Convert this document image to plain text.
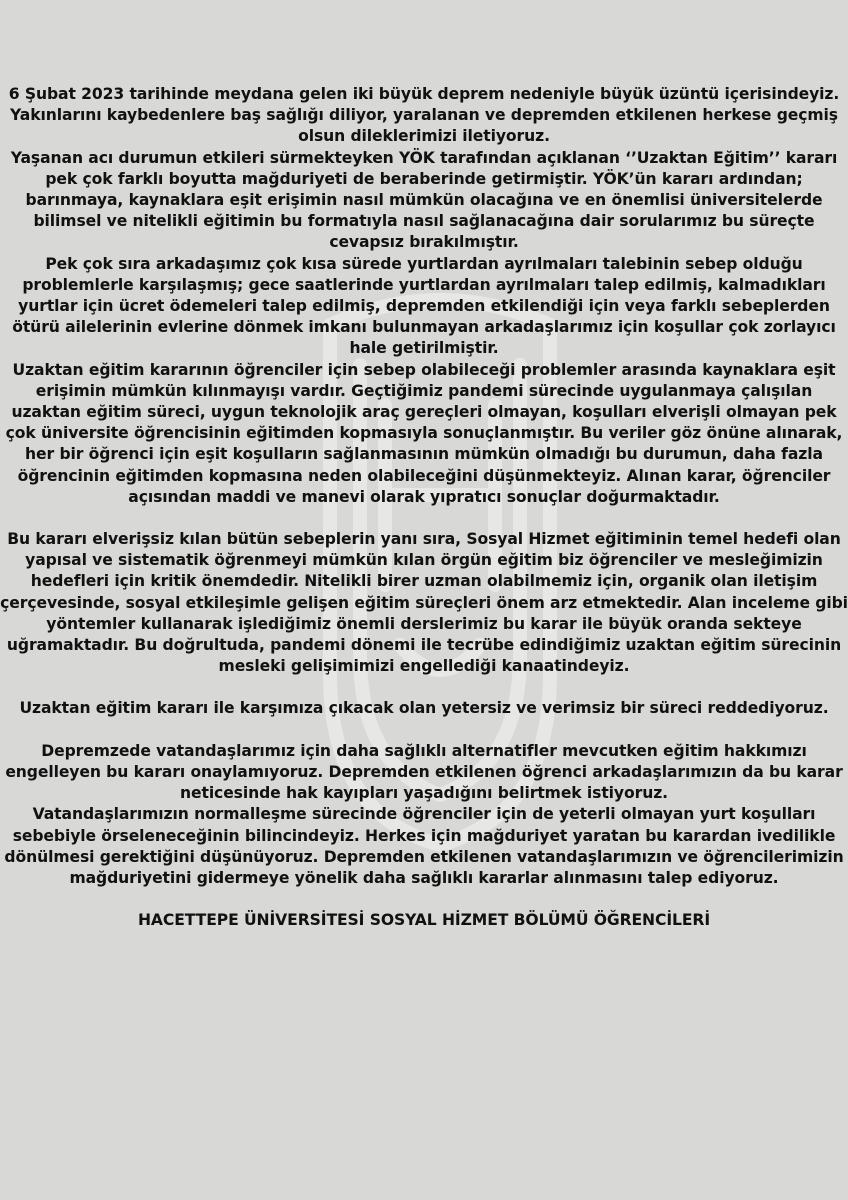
6 Şubat 2023 tarihinde meydana gelen iki büyük deprem nedeniyle büyük üzüntü içerisindeyiz. Yakınlarını kaybedenlere baş sağlığı diliyor, yaralanan ve depremden etkilenen herkese geçmiş olsun dileklerimizi iletiyoruz.

Yaşanan acı durumun etkileri sürmekteyken YÖK tarafından açıklanan ‘’Uzaktan Eğitim’’ kararı pek çok farklı boyutta mağduriyeti de beraberinde getirmiştir. YÖK’ün kararı ardından; barınmaya, kaynaklara eşit erişimin nasıl mümkün olacağına ve en önemlisi üniversitelerde bilimsel ve nitelikli eğitimin bu formatıyla nasıl sağlanacağına dair sorularımız bu süreçte cevapsız bırakılmıştır.

Pek çok sıra arkadaşımız çok kısa sürede yurtlardan ayrılmaları talebinin sebep olduğu problemlerle karşılaşmış; gece saatlerinde yurtlardan ayrılmaları talep edilmiş, kalmadıkları yurtlar için ücret ödemeleri talep edilmiş, depremden etkilendiği için veya farklı sebeplerden ötürü ailelerinin evlerine dönmek imkanı bulunmayan arkadaşlarımız için koşullar çok zorlayıcı hale getirilmiştir.

Uzaktan eğitim kararının öğrenciler için sebep olabileceği problemler arasında kaynaklara eşit erişimin mümkün kılınmayışı vardır. Geçtiğimiz pandemi sürecinde uygulanmaya çalışılan uzaktan eğitim süreci, uygun teknolojik araç gereçleri olmayan, koşulları elverişli olmayan pek çok üniversite öğrencisinin eğitimden kopmasıyla sonuçlanmıştır. Bu veriler göz önüne alınarak, her bir öğrenci için eşit koşulların sağlanmasının mümkün olmadığı bu durumun, daha fazla öğrencinin eğitimden kopmasına neden olabileceğini düşünmekteyiz. Alınan karar, öğrenciler açısından maddi ve manevi olarak yıpratıcı sonuçlar doğurmaktadır.

Bu kararı elverişsiz kılan bütün sebeplerin yanı sıra, Sosyal Hizmet eğitiminin temel hedefi olan yapısal ve sistematik öğrenmeyi mümkün kılan örgün eğitim biz öğrenciler ve mesleğimizin hedefleri için kritik önemdedir. Nitelikli birer uzman olabilmemiz için, organik olan iletişim çerçevesinde, sosyal etkileşimle gelişen eğitim süreçleri önem arz etmektedir. Alan inceleme gibi yöntemler kullanarak işlediğimiz önemli derslerimiz bu karar ile büyük oranda sekteye uğramaktadır. Bu doğrultuda, pandemi dönemi ile tecrübe edindiğimiz uzaktan eğitim sürecinin mesleki gelişimimizi engellediği kanaatindeyiz.

Uzaktan eğitim kararı ile karşımıza çıkacak olan yetersiz ve verimsiz bir süreci reddediyoruz.

Depremzede vatandaşlarımız için daha sağlıklı alternatifler mevcutken eğitim hakkımızı engelleyen bu kararı onaylamıyoruz. Depremden etkilenen öğrenci arkadaşlarımızın da bu karar neticesinde hak kayıpları yaşadığını belirtmek istiyoruz.

Vatandaşlarımızın normalleşme sürecinde öğrenciler için de yeterli olmayan yurt koşulları sebebiyle örseleneceğinin bilincindeyiz. Herkes için mağduriyet yaratan bu karardan ivedilikle dönülmesi gerektiğini düşünüyoruz. Depremden etkilenen vatandaşlarımızın ve öğrencilerimizin mağduriyetini gidermeye yönelik daha sağlıklı kararlar alınmasını talep ediyoruz.

HACETTEPE ÜNİVERSİTESİ SOSYAL HİZMET BÖLÜMÜ ÖĞRENCİLERİ
